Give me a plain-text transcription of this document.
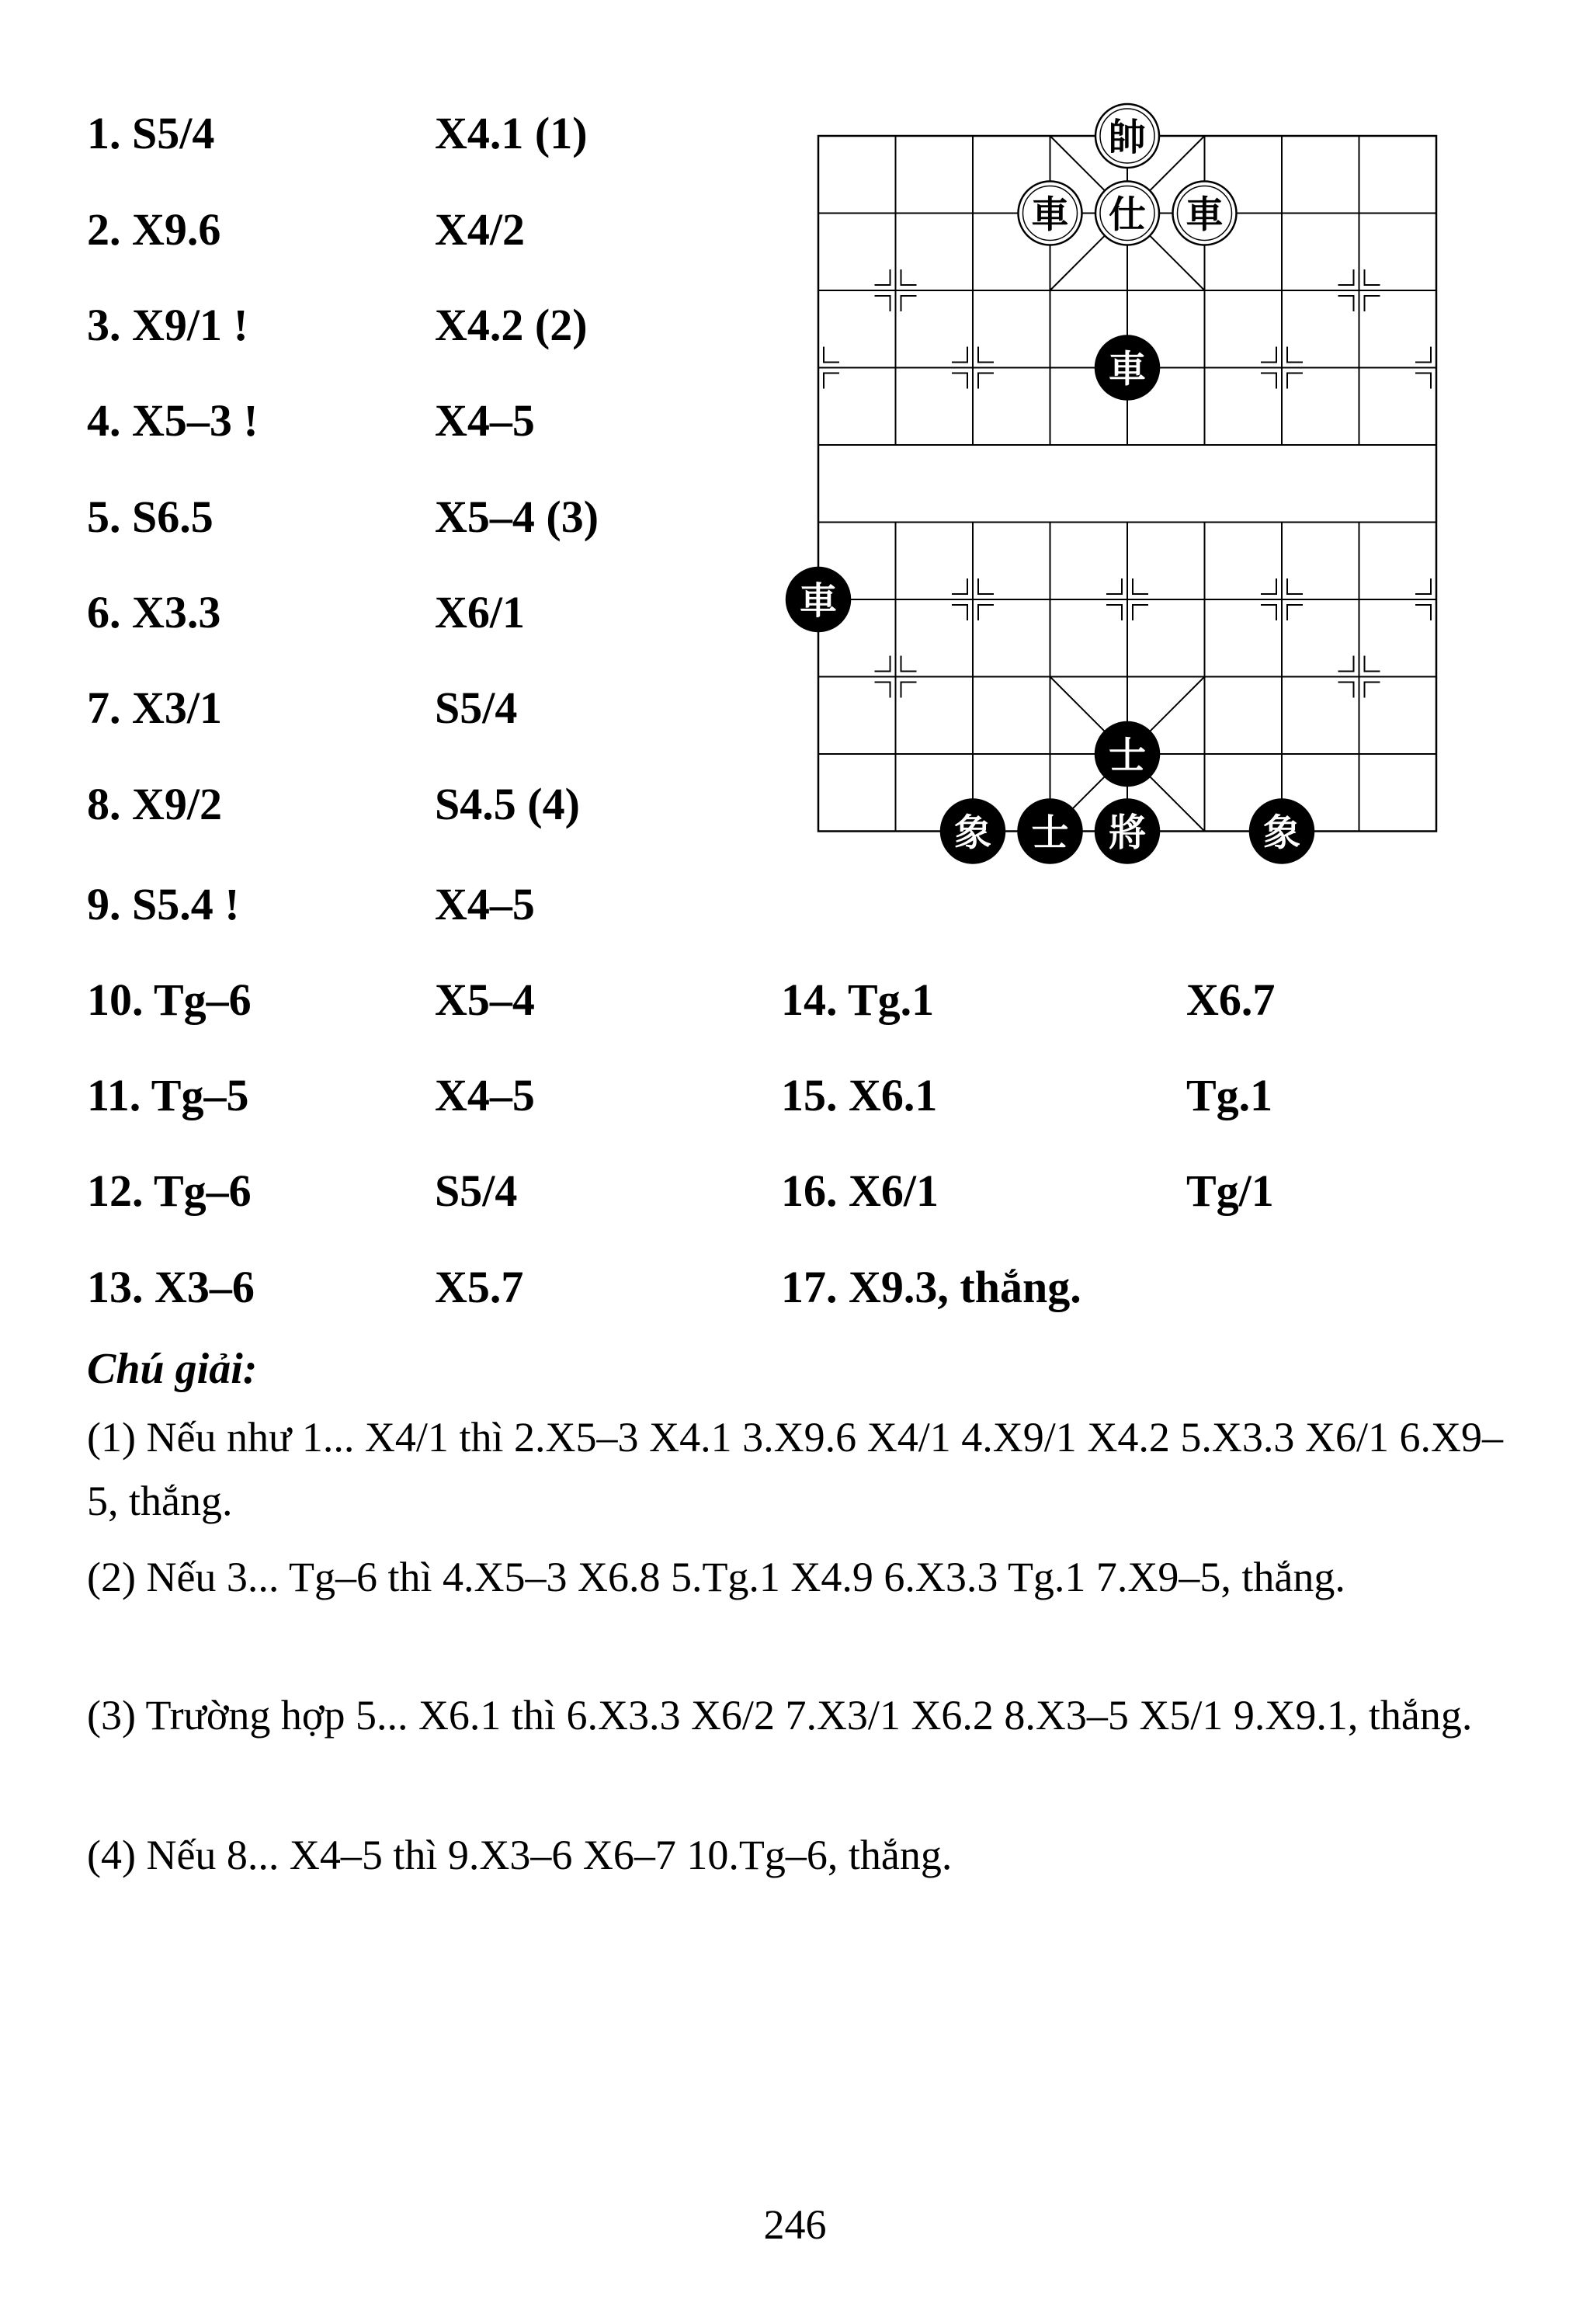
1. S5/4	X4.1 (1)
2. X9.6	X4/2
3. X9/1 !	X4.2 (2)
4. X5–3 !	X4–5
5. S6.5	X5–4 (3)
6. X3.3	X6/1
7. X3/1	S5/4
8. X9/2	S4.5 (4)
9. S5.4 !	X4–5
10. Tg–6	X5–4
11. Tg–5	X4–5
12. Tg–6	S5/4
13. X3–6	X5.7
14. Tg.1	X6.7
15. X6.1	Tg.1
16. X6/1	Tg/1
17. X9.3, thắng.
帥
車 仕 車
車
車
士
象 士 將	象
Chú giải:
(1) Nếu như 1... X4/1 thì 2.X5–3 X4.1 3.X9.6 X4/1 4.X9/1 X4.2 5.X3.3 X6/1 6.X9–5, thắng.
(2) Nếu 3... Tg–6 thì 4.X5–3 X6.8 5.Tg.1 X4.9 6.X3.3 Tg.1 7.X9–5, thắng.
(3) Trường hợp 5... X6.1 thì 6.X3.3 X6/2 7.X3/1 X6.2 8.X3–5 X5/1 9.X9.1, thắng.
(4) Nếu 8... X4–5 thì 9.X3–6 X6–7 10.Tg–6, thắng.
246
